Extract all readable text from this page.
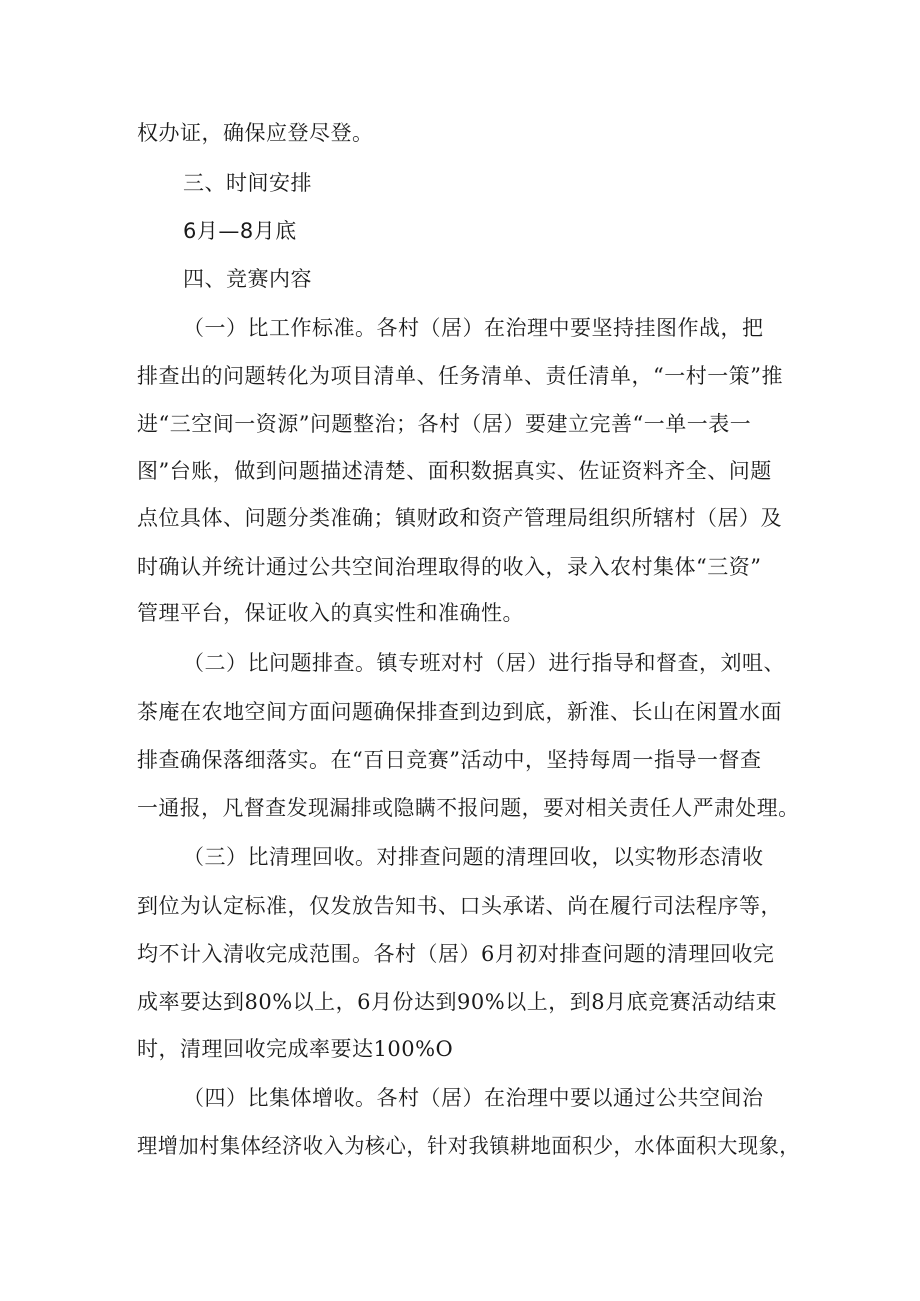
权办证，确保应登尽登。
三、时间安排
6月—8月底
四、竞赛内容
（一）比工作标准。各村（居）在治理中要坚持挂图作战，把
排查出的问题转化为项目清单、任务清单、责任清单，“一村一策”推
进“三空间一资源”问题整治；各村（居）要建立完善“一单一表一
图”台账，做到问题描述清楚、面积数据真实、佐证资料齐全、问题
点位具体、问题分类准确；镇财政和资产管理局组织所辖村（居）及
时确认并统计通过公共空间治理取得的收入，录入农村集体“三资”
管理平台，保证收入的真实性和准确性。
（二）比问题排查。镇专班对村（居）进行指导和督查，刘咀、
茶庵在农地空间方面问题确保排查到边到底，新淮、长山在闲置水面
排查确保落细落实。在“百日竞赛”活动中，坚持每周一指导一督查
一通报，凡督查发现漏排或隐瞒不报问题，要对相关责任人严肃处理。
（三）比清理回收。对排查问题的清理回收，以实物形态清收
到位为认定标准，仅发放告知书、口头承诺、尚在履行司法程序等，
均不计入清收完成范围。各村（居）6月初对排查问题的清理回收完
成率要达到80%以上，6月份达到90%以上，到8月底竞赛活动结束
时，清理回收完成率要达100%O
（四）比集体增收。各村（居）在治理中要以通过公共空间治
理增加村集体经济收入为核心，针对我镇耕地面积少，水体面积大现象，
